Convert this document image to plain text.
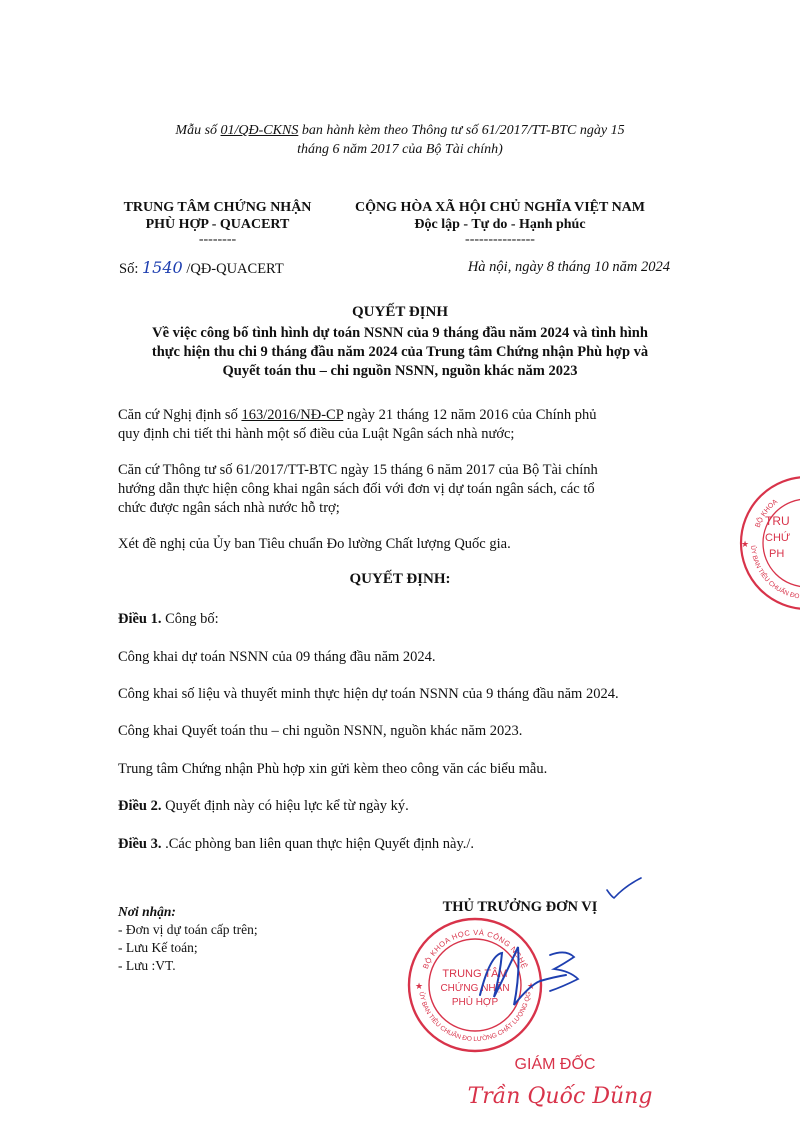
Mẫu số 01/QĐ-CKNS ban hành kèm theo Thông tư số 61/2017/TT-BTC ngày 15
tháng 6 năm 2017 của Bộ Tài chính)
TRUNG TÂM CHỨNG NHẬN
PHÙ HỢP - QUACERT
--------
CỘNG HÒA XÃ HỘI CHỦ NGHĨA VIỆT NAM
Độc lập - Tự do - Hạnh phúc
---------------
Số: 1540 /QĐ-QUACERT	Hà nội, ngày 8 tháng 10 năm 2024
QUYẾT ĐỊNH
Về việc công bố tình hình dự toán NSNN của 9 tháng đầu năm 2024 và tình hình
thực hiện thu chi 9 tháng đầu năm 2024 của Trung tâm Chứng nhận Phù hợp và
Quyết toán thu – chi nguồn NSNN, nguồn khác năm 2023
Căn cứ Nghị định số 163/2016/NĐ-CP ngày 21 tháng 12 năm 2016 của Chính phủ
quy định chi tiết thi hành một số điều của Luật Ngân sách nhà nước;
Căn cứ Thông tư số 61/2017/TT-BTC ngày 15 tháng 6 năm 2017 của Bộ Tài chính
hướng dẫn thực hiện công khai ngân sách đối với đơn vị dự toán ngân sách, các tổ
chức được ngân sách nhà nước hỗ trợ;
Xét đề nghị của Ủy ban Tiêu chuẩn Đo lường Chất lượng Quốc gia.
QUYẾT ĐỊNH:
Điều 1. Công bố:
Công khai dự toán NSNN của 09 tháng đầu năm 2024.
Công khai số liệu và thuyết minh thực hiện dự toán NSNN của 9 tháng đầu năm 2024.
Công khai Quyết toán thu – chi nguồn NSNN, nguồn khác năm 2023.
Trung tâm Chứng nhận Phù hợp xin gửi kèm theo công văn các biểu mẫu.
Điều 2. Quyết định này có hiệu lực kể từ ngày ký.
Điều 3. .Các phòng ban liên quan thực hiện Quyết định này./.
Nơi nhận:
- Đơn vị dự toán cấp trên;
- Lưu Kế toán;
- Lưu :VT.
THỦ TRƯỞNG ĐƠN VỊ
BỘ KHOA HỌC VÀ CÔNG NGHỆ
ỦY BAN TIÊU CHUẨN ĐO LƯỜNG CHẤT LƯỢNG QG
TRUNG TÂM
CHỨNG NHẬN
PHÙ HỢP
★	★
GIÁM ĐỐC
Trần Quốc Dũng
BỘ KHOA
ỦY BAN TIÊU CHUẨN ĐO
TRU
CHỨ
PH
★
